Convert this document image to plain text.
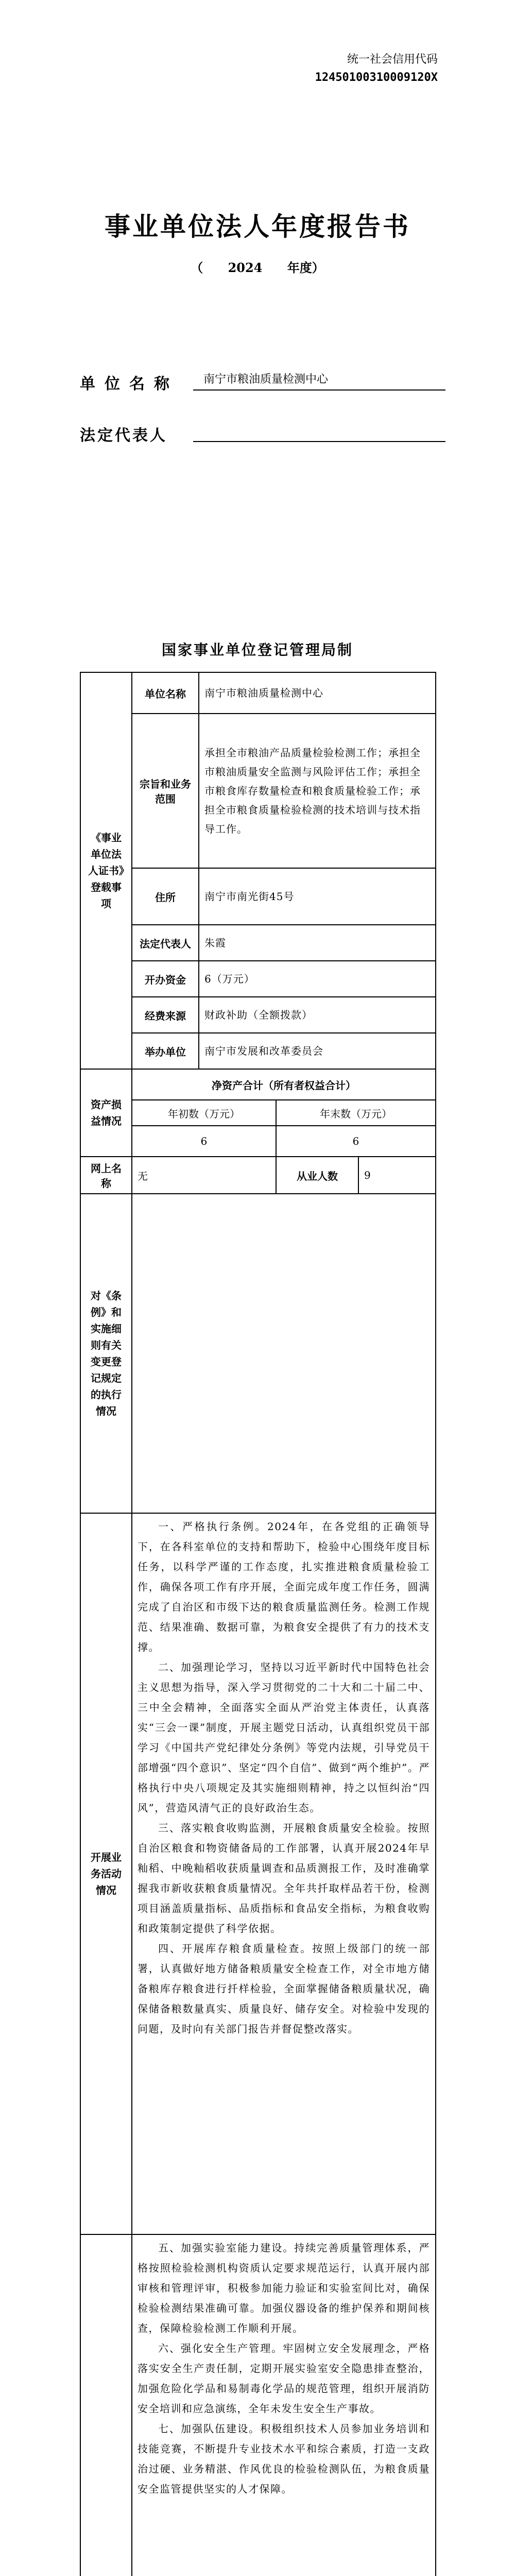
统一社会信用代码
12450100310009120X
事业单位法人年度报告书
（ 2024 年度）
单位名称	南宁市粮油质量检测中心
法定代表人
国家事业单位登记管理局制
《事业单位法人证书》登载事项	单位名称	南宁市粮油质量检测中心		
	宗旨和业务范围	承担全市粮油产品质量检验检测工作；承担全市粮油质量安全监测与风险评估工作；承担全市粮食库存数量检查和粮食质量检验工作；承担全市粮食质量检验检测的技术培训与技术指导工作。		
	住所	南宁市南光街45号		
	法定代表人	朱霞		
	开办资金	6（万元）		
	经费来源	财政补助（全额拨款）		
	举办单位	南宁市发展和改革委员会		
资产损益情况	净资产合计（所有者权益合计）			
	年初数（万元）		年末数（万元）	
	6		6	
网上名称	无		从业人数	9
对《条例》和实施细则有关变更登记规定的执行情况				
开展业务活动情况	一、严格执行条例。2024年，在各党组的正确领导下，在各科室单位的支持和帮助下，检验中心围绕年度目标任务，以科学严谨的工作态度，扎实推进粮食质量检验工作，确保各项工作有序开展，全面完成年度工作任务，圆满完成了自治区和市级下达的粮食质量监测任务。检测工作规范、结果准确、数据可靠，为粮食安全提供了有力的技术支撑。

二、加强理论学习，坚持以习近平新时代中国特色社会主义思想为指导，深入学习贯彻党的二十大和二十届二中、三中全会精神，全面落实全面从严治党主体责任，认真落实“三会一课”制度，开展主题党日活动，认真组织党员干部学习《中国共产党纪律处分条例》等党内法规，引导党员干部增强“四个意识”、坚定“四个自信”、做到“两个维护”。严格执行中央八项规定及其实施细则精神，持之以恒纠治“四风”，营造风清气正的良好政治生态。

三、落实粮食收购监测，开展粮食质量安全检验。按照自治区粮食和物资储备局的工作部署，认真开展2024年早籼稻、中晚籼稻收获质量调查和品质测报工作，及时准确掌握我市新收获粮食质量情况。全年共扦取样品若干份，检测项目涵盖质量指标、品质指标和食品安全指标，为粮食收购和政策制定提供了科学依据。

四、开展库存粮食质量检查。按照上级部门的统一部署，认真做好地方储备粮质量安全检查工作，对全市地方储备粮库存粮食进行扦样检验，全面掌握储备粮质量状况，确保储备粮数量真实、质量良好、储存安全。对检验中发现的问题，及时向有关部门报告并督促整改落实。			

	五、加强实验室能力建设。持续完善质量管理体系，严格按照检验检测机构资质认定要求规范运行，认真开展内部审核和管理评审，积极参加能力验证和实验室间比对，确保检验检测结果准确可靠。加强仪器设备的维护保养和期间核查，保障检验检测工作顺利开展。

六、强化安全生产管理。牢固树立安全发展理念，严格落实安全生产责任制，定期开展实验室安全隐患排查整治，加强危险化学品和易制毒化学品的规范管理，组织开展消防安全培训和应急演练，全年未发生安全生产事故。

七、加强队伍建设。积极组织技术人员参加业务培训和技能竞赛，不断提升专业技术水平和综合素质，打造一支政治过硬、业务精湛、作风优良的检验检测队伍，为粮食质量安全监管提供坚实的人才保障。			
